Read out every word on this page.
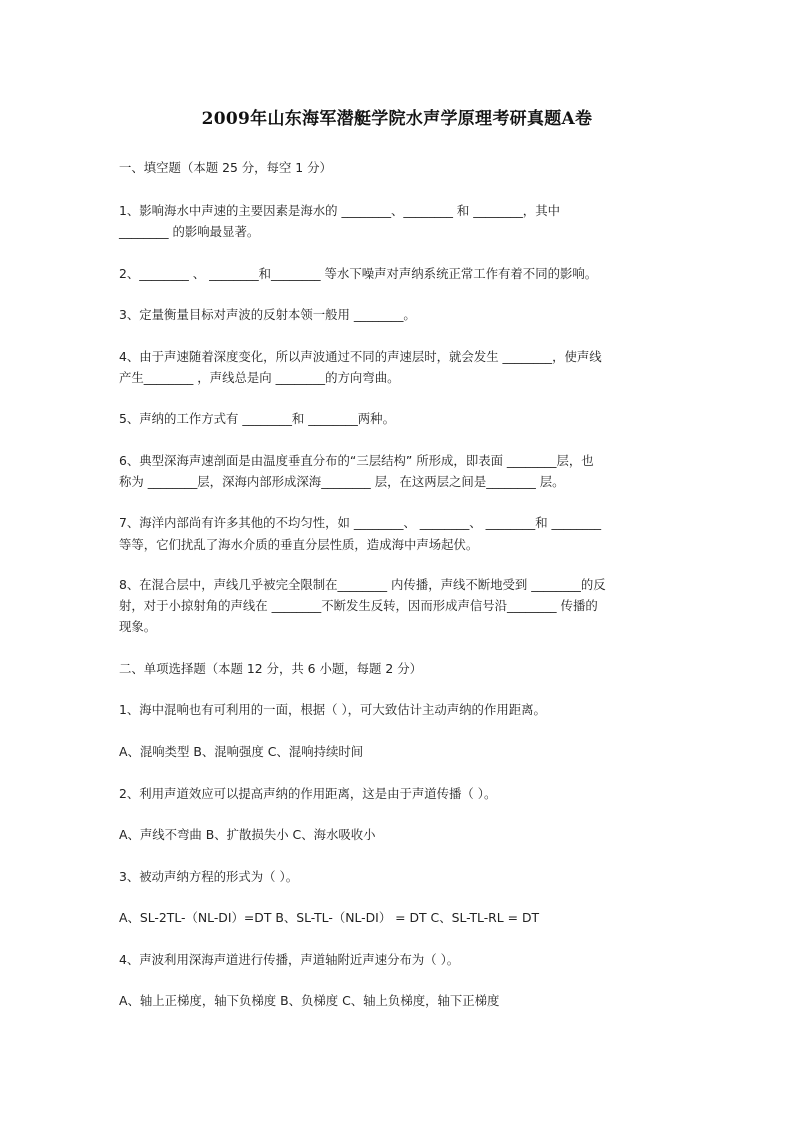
2009年山东海军潜艇学院水声学原理考研真题A卷
一、填空题（本题 25 分，每空 1 分）
1、影响海水中声速的主要因素是海水的 ________、________ 和 ________，其中
________ 的影响最显著。
2、________ 、 ________和________ 等水下噪声对声纳系统正常工作有着不同的影响。
3、定量衡量目标对声波的反射本领一般用 ________。
4、由于声速随着深度变化，所以声波通过不同的声速层时，就会发生 ________，使声线
产生________ ，声线总是向 ________的方向弯曲。
5、声纳的工作方式有 ________和 ________两种。
6、典型深海声速剖面是由温度垂直分布的“三层结构” 所形成，即表面 ________层，也
称为 ________层，深海内部形成深海________ 层，在这两层之间是________ 层。
7、海洋内部尚有许多其他的不均匀性，如 ________、 ________、 ________和 ________
等等，它们扰乱了海水介质的垂直分层性质，造成海中声场起伏。
8、在混合层中，声线几乎被完全限制在________ 内传播，声线不断地受到 ________的反
射，对于小掠射角的声线在 ________不断发生反转，因而形成声信号沿________ 传播的
现象。
二、单项选择题（本题 12 分，共 6 小题，每题 2 分）
1、海中混响也有可利用的一面，根据（ ），可大致估计主动声纳的作用距离。
A、混响类型 B、混响强度 C、混响持续时间
2、利用声道效应可以提高声纳的作用距离，这是由于声道传播（ ）。
A、声线不弯曲 B、扩散损失小 C、海水吸收小
3、被动声纳方程的形式为（ ）。
A、SL-2TL-（NL-DI）=DT B、SL-TL-（NL-DI） = DT C、SL-TL-RL = DT
4、声波利用深海声道进行传播，声道轴附近声速分布为（ ）。
A、轴上正梯度，轴下负梯度 B、负梯度 C、轴上负梯度，轴下正梯度
